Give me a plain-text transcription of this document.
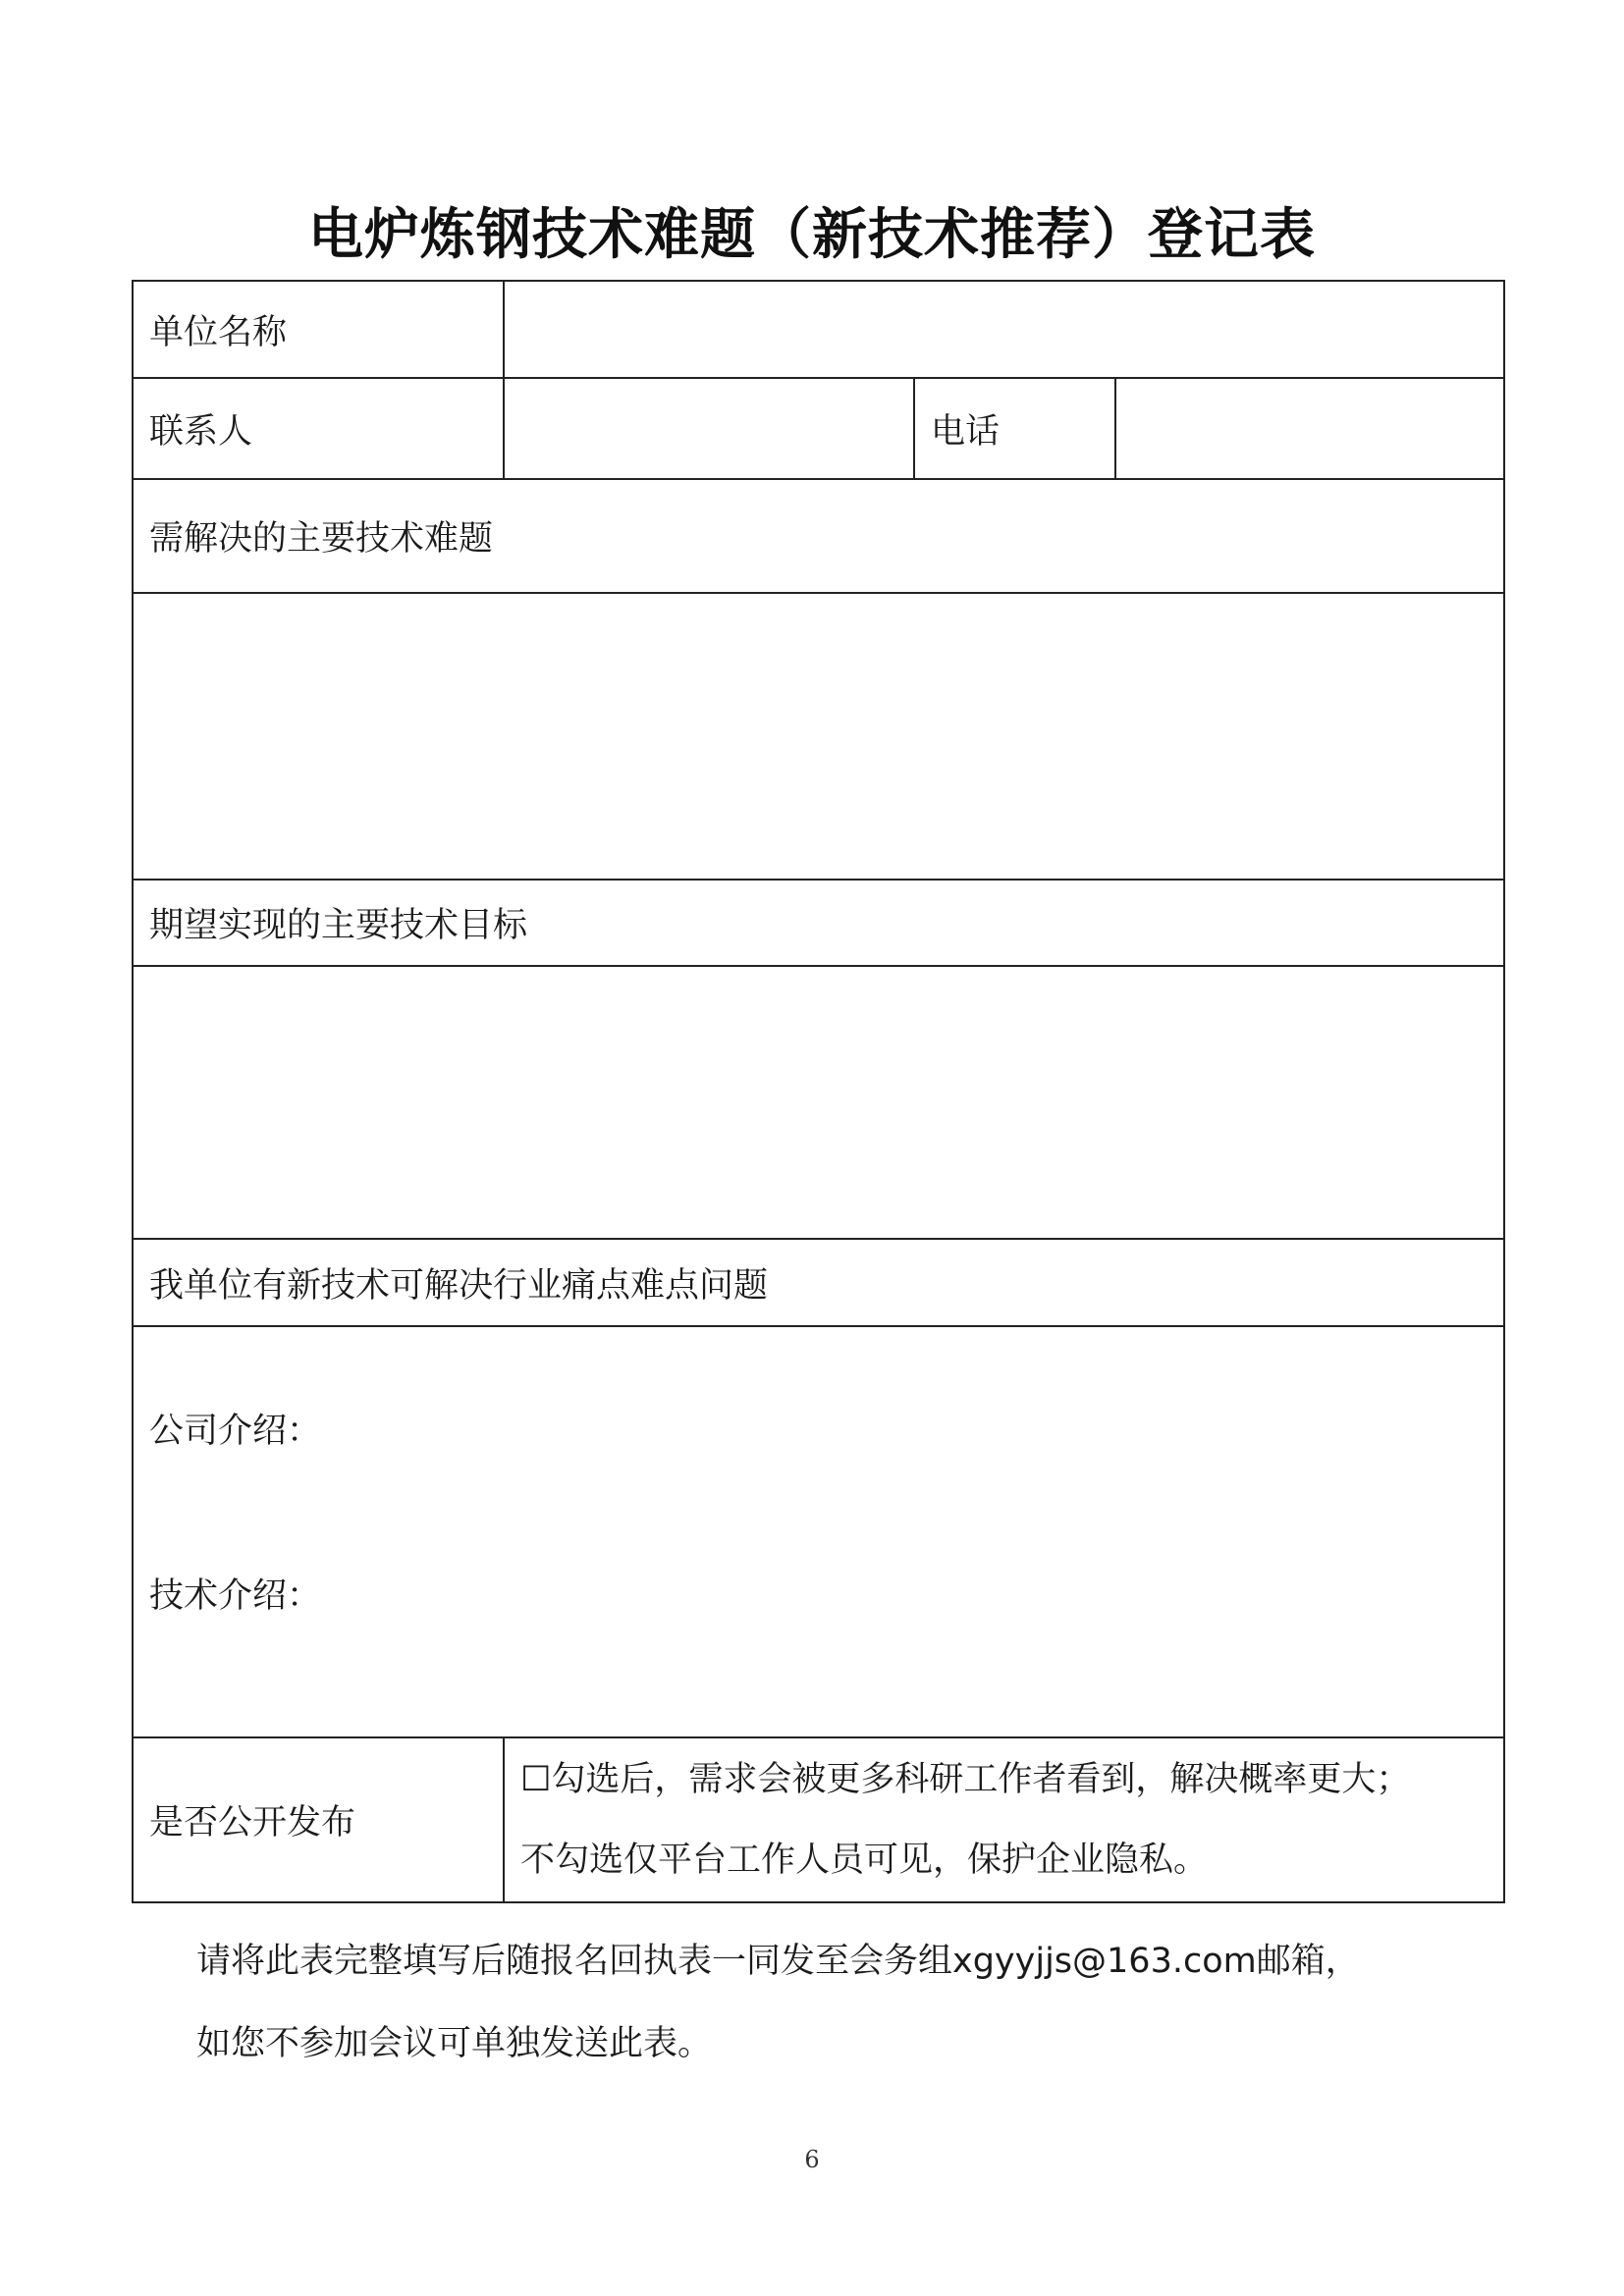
电炉炼钢技术难题（新技术推荐）登记表
单位名称			
联系人		电话	
需解决的主要技术难题			

期望实现的主要技术目标			

我单位有新技术可解决行业痛点难点问题			

公司介绍：
技术介绍：			

是否公开发布	☐勾选后，需求会被更多科研工作者看到，解决概率更大；
不勾选仅平台工作人员可见，保护企业隐私。		
请将此表完整填写后随报名回执表一同发至会务组xgyyjjs@163.com邮箱，
如您不参加会议可单独发送此表。
6
